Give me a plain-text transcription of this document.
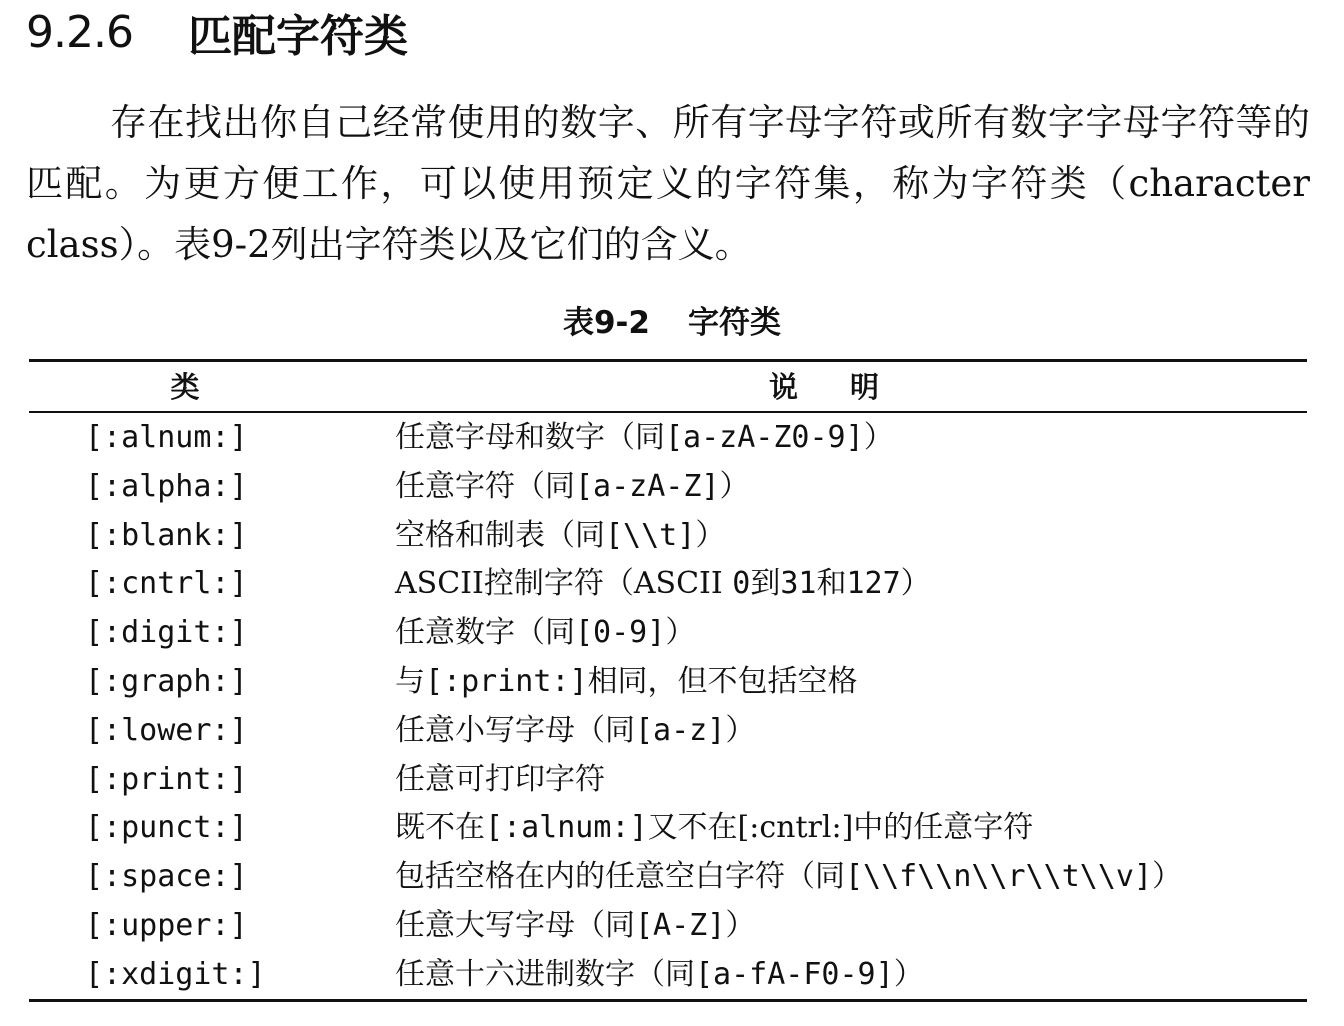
9.2.6	匹配字符类

存在找出你自己经常使用的数字、所有字母字符或所有数字字母字符等的匹配。为更方便工作，可以使用预定义的字符集，称为字符类（character class）。表9-2列出字符类以及它们的含义。

表9-2 字符类
类	说明
[:alnum:]	任意字母和数字（同[a-zA-Z0-9]）
[:alpha:]	任意字符（同[a-zA-Z]）
[:blank:]	空格和制表（同[\\t]）
[:cntrl:]	ASCII控制字符（ASCII 0到31和127）
[:digit:]	任意数字（同[0-9]）
[:graph:]	与[:print:]相同，但不包括空格
[:lower:]	任意小写字母（同[a-z]）
[:print:]	任意可打印字符
[:punct:]	既不在[:alnum:]又不在[:cntrl:]中的任意字符
[:space:]	包括空格在内的任意空白字符（同[\\f\\n\\r\\t\\v]）
[:upper:]	任意大写字母（同[A-Z]）
[:xdigit:]	任意十六进制数字（同[a-fA-F0-9]）
